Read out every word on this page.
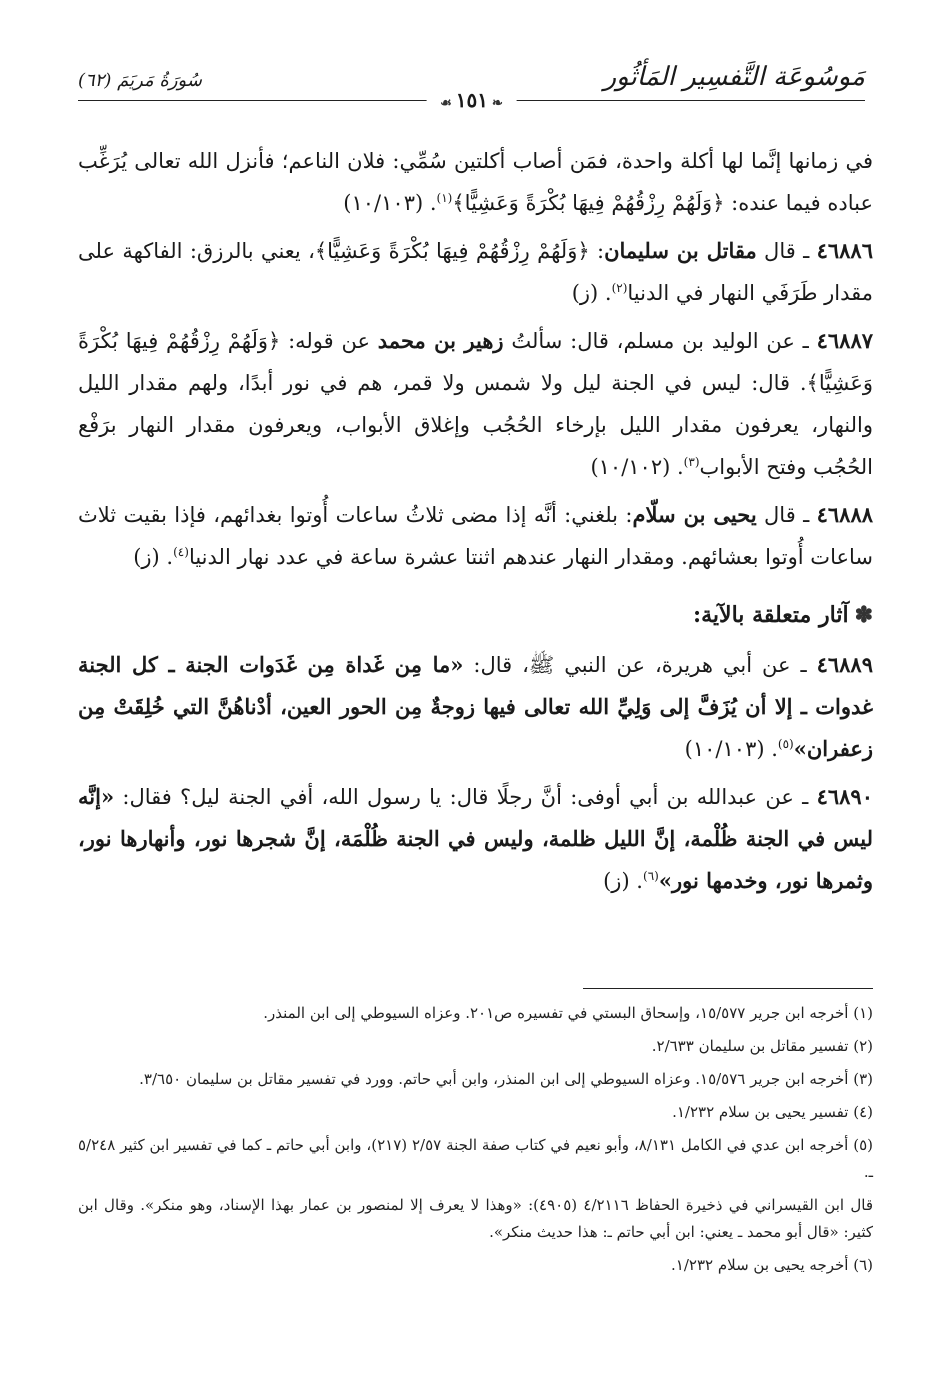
مَوسُوعَة التَّفسِير المَأثُور
سُورَةُ مَريَمَ (٦٢)
❧١٥١☙

في زمانها إنَّما لها أكلة واحدة، فمَن أصاب أكلتين سُمِّي: فلان الناعم؛ فأنزل الله تعالى يُرَغِّب عباده فيما عنده: ﴿وَلَهُمْ رِزْقُهُمْ فِيهَا بُكْرَةً وَعَشِيًّا﴾$^{(١)}$. (١٠/١٠٣)

٤٦٨٨٦ ـ قال مقاتل بن سليمان: ﴿وَلَهُمْ رِزْقُهُمْ فِيهَا بُكْرَةً وَعَشِيًّا﴾، يعني بالرزق: الفاكهة على مقدار طَرَفَي النهار في الدنيا$^{(٢)}$. (ز)

٤٦٨٨٧ ـ عن الوليد بن مسلم، قال: سألتُ زهير بن محمد عن قوله: ﴿وَلَهُمْ رِزْقُهُمْ فِيهَا بُكْرَةً وَعَشِيًّا﴾. قال: ليس في الجنة ليل ولا شمس ولا قمر، هم في نور أبدًا، ولهم مقدار الليل والنهار، يعرفون مقدار الليل بإرخاء الحُجُب وإغلاق الأبواب، ويعرفون مقدار النهار برَفْع الحُجُب وفتح الأبواب$^{(٣)}$. (١٠/١٠٢)

٤٦٨٨٨ ـ قال يحيى بن سلّام: بلغني: أنَّه إذا مضى ثلاثُ ساعات أُوتوا بغدائهم، فإذا بقيت ثلاث ساعات أُوتوا بعشائهم. ومقدار النهار عندهم اثنتا عشرة ساعة في عدد نهار الدنيا$^{(٤)}$. (ز)

✽آثار متعلقة بالآية:

٤٦٨٨٩ ـ عن أبي هريرة، عن النبي ﷺ، قال: «ما مِن غَداة مِن غَدَوات الجنة ـ كل الجنة غدوات ـ إلا أن يُزَفَّ إلى وَلِيِّ الله تعالى فيها زوجةٌ مِن الحور العين، أدْناهُنَّ التي خُلِقَتْ مِن زعفران»$^{(٥)}$. (١٠/١٠٣)

٤٦٨٩٠ ـ عن عبدالله بن أبي أوفى: أنَّ رجلًا قال: يا رسول الله، أفي الجنة ليل؟ فقال: «إنَّه ليس في الجنة ظُلْمة، إنَّ الليل ظلمة، وليس في الجنة ظُلْمَة، إنَّ شجرها نور، وأنهارها نور، وثمرها نور، وخدمها نور»$^{(٦)}$. (ز)

(١) أخرجه ابن جرير ١٥/٥٧٧، وإسحاق البستي في تفسيره ص٢٠١. وعزاه السيوطي إلى ابن المنذر.

(٢) تفسير مقاتل بن سليمان ٢/٦٣٣.

(٣) أخرجه ابن جرير ١٥/٥٧٦. وعزاه السيوطي إلى ابن المنذر، وابن أبي حاتم. وورد في تفسير مقاتل بن سليمان ٣/٦٥٠.

(٤) تفسير يحيى بن سلام ١/٢٣٢.

(٥) أخرجه ابن عدي في الكامل ٨/١٣١، وأبو نعيم في كتاب صفة الجنة ٢/٥٧ (٢١٧)، وابن أبي حاتم ـ كما في تفسير ابن كثير ٥/٢٤٨ ـ.

قال ابن القيسراني في ذخيرة الحفاظ ٤/٢١١٦ (٤٩٠٥): «وهذا لا يعرف إلا لمنصور بن عمار بهذا الإسناد، وهو منكر». وقال ابن كثير: «قال أبو محمد ـ يعني: ابن أبي حاتم ـ: هذا حديث منكر».

(٦) أخرجه يحيى بن سلام ١/٢٣٢.
